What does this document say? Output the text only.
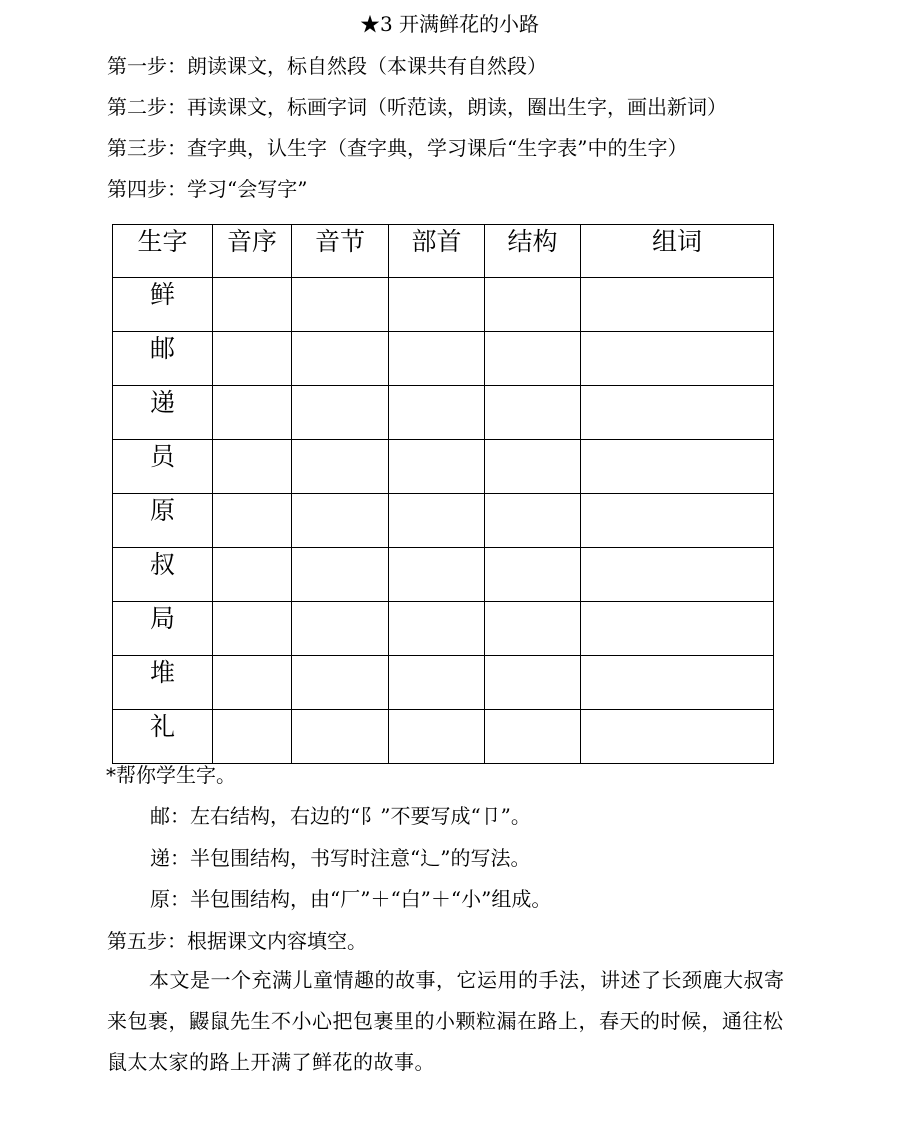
★3 开满鲜花的小路
第一步：朗读课文，标自然段（本课共有自然段）
第二步：再读课文，标画字词（听范读，朗读，圈出生字，画出新词）
第三步：查字典，认生字（查字典，学习课后“生字表”中的生字）
第四步：学习“会写字”
生字	音序	音节	部首	结构	组词
鲜					
邮					
递					
员					
原					
叔					
局					
堆					
礼					
*帮你学生字。
邮：左右结构，右边的“阝”不要写成“卩”。
递：半包围结构，书写时注意“辶”的写法。
原：半包围结构，由“厂”＋“白”＋“小”组成。
第五步：根据课文内容填空。
本文是一个充满儿童情趣的故事，它运用的手法，讲述了长颈鹿大叔寄来包裹，鼹鼠先生不小心把包裹里的小颗粒漏在路上，春天的时候，通往松鼠太太家的路上开满了鲜花的故事。
